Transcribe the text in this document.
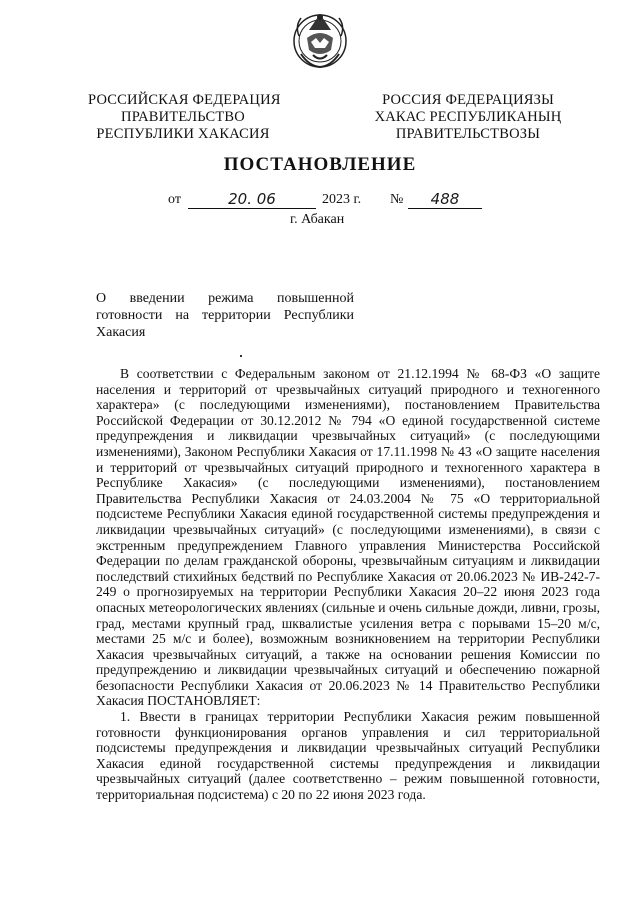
РОССИЙСКАЯ ФЕДЕРАЦИЯ
ПРАВИТЕЛЬСТВО
РЕСПУБЛИКИ ХАКАСИЯ
РОССИЯ ФЕДЕРАЦИЯЗЫ
ХАКАС РЕСПУБЛИКАНЫҢ
ПРАВИТЕЛЬСТВОЗЫ
ПОСТАНОВЛЕНИЕ
от	20. 06	2023 г. №	488
г. Абакан
О введении режима повышенной готовности на территории Республики Хакасия

В соответствии с Федеральным законом от 21.12.1994 № 68-ФЗ «О защите населения и территорий от чрезвычайных ситуаций природного и техногенного характера» (с последующими изменениями), постановлением Правительства Российской Федерации от 30.12.2012 № 794 «О единой государственной системе предупреждения и ликвидации чрезвычайных ситуаций» (с последующими изменениями), Законом Республики Хакасия от 17.11.1998 № 43 «О защите населения и территорий от чрезвычайных ситуаций природного и техногенного характера в Республике Хакасия» (с последующими изменениями), постановлением Правительства Республики Хакасия от 24.03.2004 № 75 «О территориальной подсистеме Республики Хакасия единой государственной системы предупреждения и ликвидации чрезвычайных ситуаций» (с последующими изменениями), в связи с экстренным предупреждением Главного управления Министерства Российской Федерации по делам гражданской обороны, чрезвычайным ситуациям и ликвидации последствий стихийных бедствий по Республике Хакасия от 20.06.2023 № ИВ-242-7-249 о прогнозируемых на территории Республики Хакасия 20–22 июня 2023 года опасных метеорологических явлениях (сильные и очень сильные дожди, ливни, грозы, град, местами крупный град, шквалистые усиления ветра с порывами 15–20 м/с, местами 25 м/с и более), возможным возникновением на территории Республики Хакасия чрезвычайных ситуаций, а также на основании решения Комиссии по предупреждению и ликвидации чрезвычайных ситуаций и обеспечению пожарной безопасности Республики Хакасия от 20.06.2023 № 14 Правительство Республики Хакасия ПОСТАНОВЛЯЕТ:

1. Ввести в границах территории Республики Хакасия режим повышенной готовности функционирования органов управления и сил территориальной подсистемы предупреждения и ликвидации чрезвычайных ситуаций Республики Хакасия единой государственной системы предупреждения и ликвидации чрезвычайных ситуаций (далее соответственно – режим повышенной готовности, территориальная подсистема) с 20 по 22 июня 2023 года.
